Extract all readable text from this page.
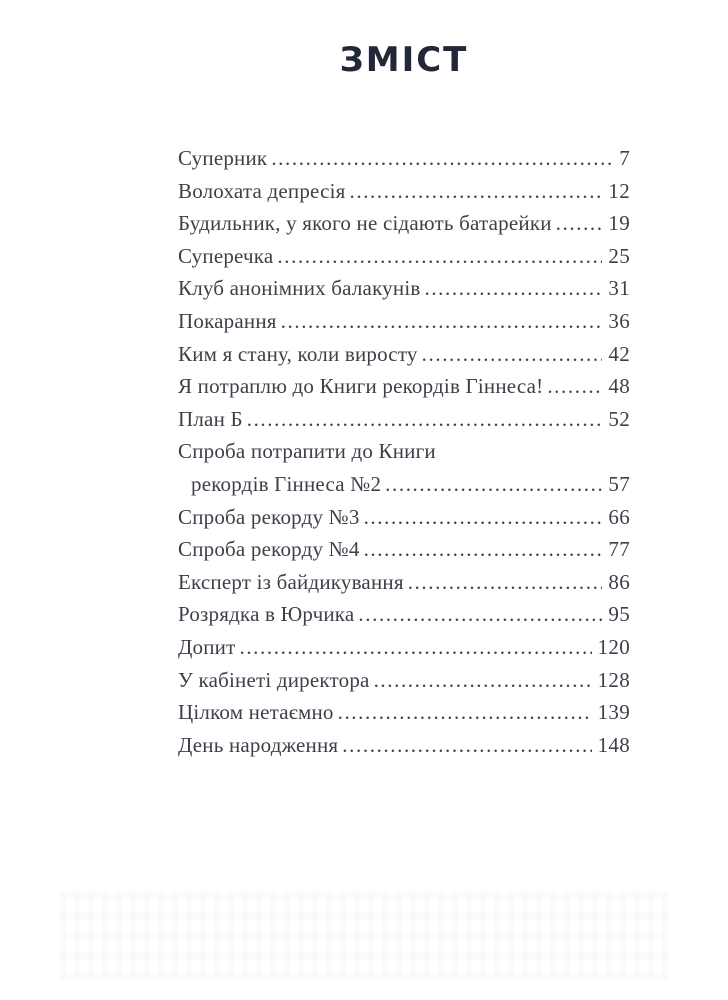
ЗМІСТ
Суперник .....	7
Волохата депресія .....	12
Будильник, у якого не сідають батарейки .....	19
Суперечка .....	25
Клуб анонімних балакунів .....	31
Покарання .....	36
Ким я стану, коли виросту .....	42
Я потраплю до Книги рекордів Гіннеса! .....	48
План Б .....	52
Спроба потрапити до Книги
рекордів Гіннеса №2 .....	57
Спроба рекорду №3 .....	66
Спроба рекорду №4 .....	77
Експерт із байдикування .....	86
Розрядка в Юрчика .....	95
Допит .....	120
У кабінеті директора .....	128
Цілком нетаємно .....	139
День народження .....	148
